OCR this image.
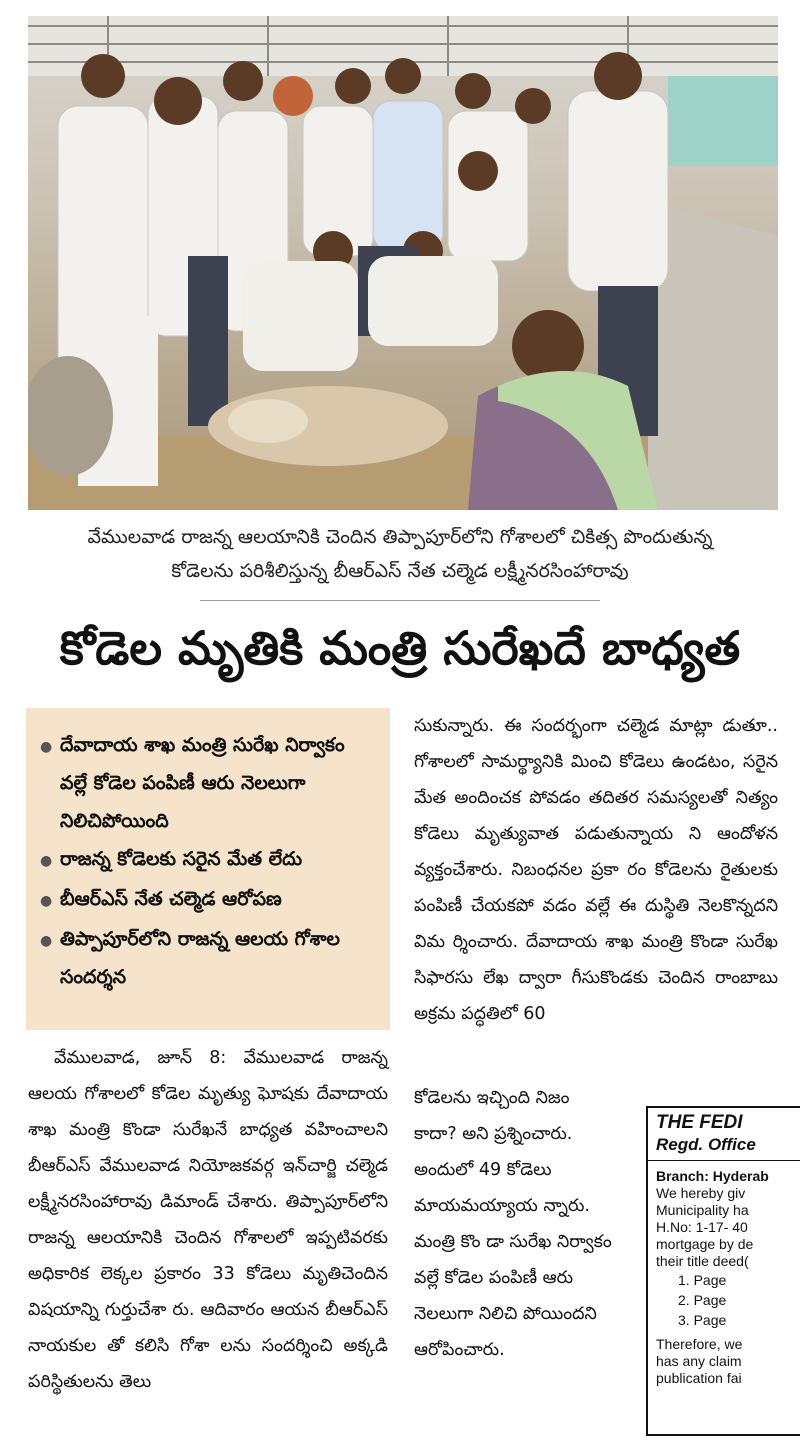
వేములవాడ రాజన్న ఆలయానికి చెందిన తిప్పాపూర్‌లోని గోశాలలో చికిత్స పొందుతున్న
కోడెలను పరిశీలిస్తున్న బీఆర్ఎస్ నేత చల్మెడ లక్ష్మీనరసింహారావు
కోడెల మృతికి మంత్రి సురేఖదే బాధ్యత
● దేవాదాయ శాఖ మంత్రి సురేఖ నిర్వాకం వల్లే కోడెల పంపిణీ ఆరు నెలలుగా నిలిచిపోయింది
● రాజన్న కోడెలకు సరైన మేత లేదు
● బీఆర్ఎస్ నేత చల్మెడ ఆరోపణ
● తిప్పాపూర్‌లోని రాజన్న ఆలయ గోశాల సందర్శన
సుకున్నారు. ఈ సందర్భంగా చల్మెడ మాట్లా డుతూ.. గోశాలలో సామర్థ్యానికి మించి కోడెలు ఉండటం, సరైన మేత అందించక పోవడం తదితర సమస్యలతో నిత్యం కోడెలు మృత్యువాత పడుతున్నాయ ని ఆందోళన వ్యక్తంచేశారు. నిబంధనల ప్రకా రం కోడెలను రైతులకు పంపిణీ చేయకపో వడం వల్లే ఈ దుస్థితి నెలకొన్నదని విమ ర్శించారు. దేవాదాయ శాఖ మంత్రి కొండా సురేఖ సిఫారసు లేఖ ద్వారా గీసుకొండకు చెందిన రాంబాబు అక్రమ పద్ధతిలో 60
వేములవాడ, జూన్ 8: వేములవాడ రాజన్న ఆలయ గోశాలలో కోడెల మృత్యు ఘోషకు దేవాదాయ శాఖ మంత్రి కొండా సురేఖనే బాధ్యత వహించాలని బీఆర్ఎస్ వేములవాడ నియోజకవర్గ ఇన్‌చార్జి చల్మెడ లక్ష్మీనరసింహారావు డిమాండ్ చేశారు. తిప్పాపూర్‌లోని రాజన్న ఆలయానికి చెందిన గోశాలలో ఇప్పటివరకు అధికారిక లెక్కల ప్రకారం 33 కోడెలు మృతిచెందిన విషయాన్ని గుర్తుచేశా రు. ఆదివారం ఆయన బీఆర్ఎస్ నాయకుల తో కలిసి గోశా లను సందర్శించి అక్కడి పరిస్థితులను తెలు
కోడెలను ఇచ్చింది నిజం కాదా? అని ప్రశ్నించారు. అందులో 49 కోడెలు మాయమయ్యాయ న్నారు. మంత్రి కొం డా సురేఖ నిర్వాకం వల్లే కోడెల పంపిణీ ఆరు నెలలుగా నిలిచి పోయిందని ఆరోపించారు.
THE FEDI
Regd. Office
Branch: Hyderab
We hereby giv
Municipality ha
H.No: 1-17- 40
mortgage by de
their title deed(
1. Page
2. Page
3. Page
Therefore, we
has any claim
publication fai
